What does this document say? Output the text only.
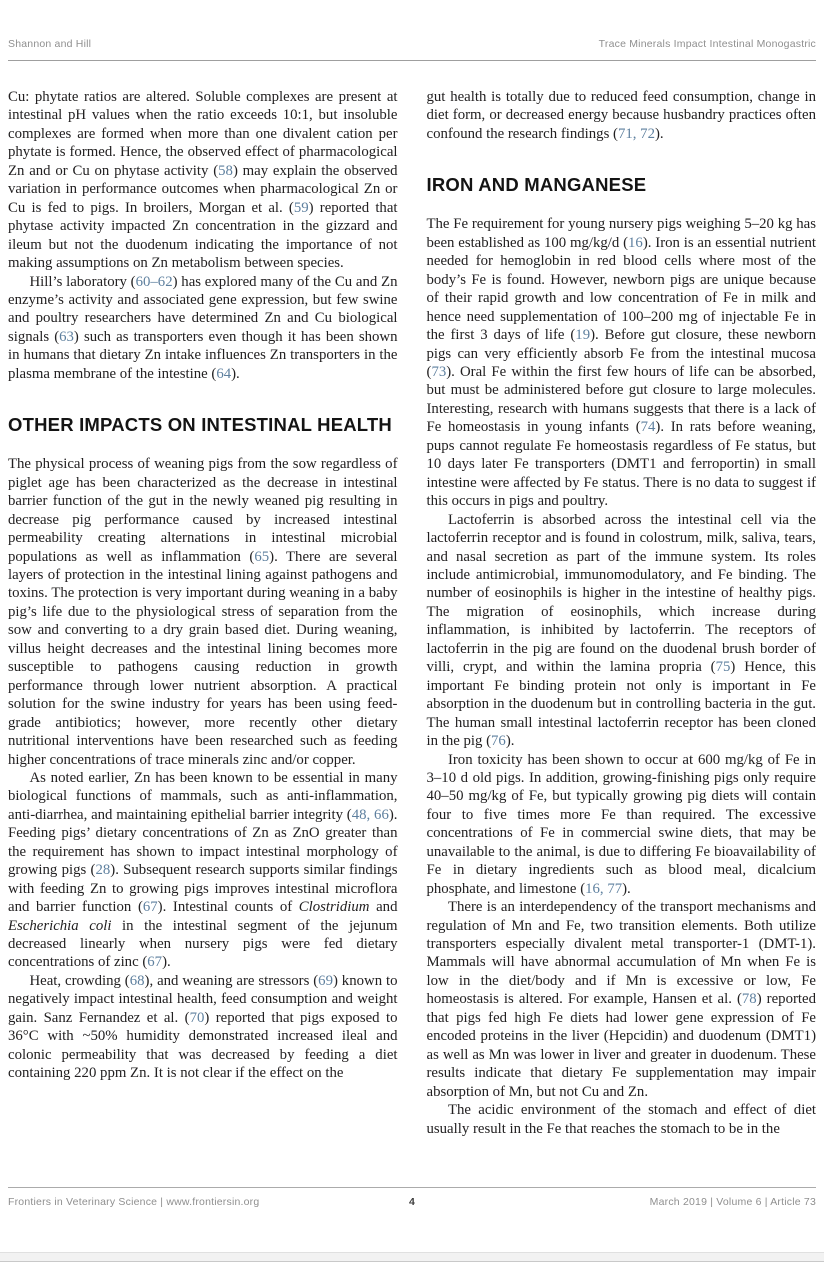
Shannon and Hill	Trace Minerals Impact Intestinal Monogastric

Cu: phytate ratios are altered. Soluble complexes are present at intestinal pH values when the ratio exceeds 10:1, but insoluble complexes are formed when more than one divalent cation per phytate is formed. Hence, the observed effect of pharmacological Zn and or Cu on phytase activity (58) may explain the observed variation in performance outcomes when pharmacological Zn or Cu is fed to pigs. In broilers, Morgan et al. (59) reported that phytase activity impacted Zn concentration in the gizzard and ileum but not the duodenum indicating the importance of not making assumptions on Zn metabolism between species.

Hill’s laboratory (60–62) has explored many of the Cu and Zn enzyme’s activity and associated gene expression, but few swine and poultry researchers have determined Zn and Cu biological signals (63) such as transporters even though it has been shown in humans that dietary Zn intake influences Zn transporters in the plasma membrane of the intestine (64).

OTHER IMPACTS ON INTESTINAL HEALTH

The physical process of weaning pigs from the sow regardless of piglet age has been characterized as the decrease in intestinal barrier function of the gut in the newly weaned pig resulting in decrease pig performance caused by increased intestinal permeability creating alternations in intestinal microbial populations as well as inflammation (65). There are several layers of protection in the intestinal lining against pathogens and toxins. The protection is very important during weaning in a baby pig’s life due to the physiological stress of separation from the sow and converting to a dry grain based diet. During weaning, villus height decreases and the intestinal lining becomes more susceptible to pathogens causing reduction in growth performance through lower nutrient absorption. A practical solution for the swine industry for years has been using feed-grade antibiotics; however, more recently other dietary nutritional interventions have been researched such as feeding higher concentrations of trace minerals zinc and/or copper.

As noted earlier, Zn has been known to be essential in many biological functions of mammals, such as anti-inflammation, anti-diarrhea, and maintaining epithelial barrier integrity (48, 66). Feeding pigs’ dietary concentrations of Zn as ZnO greater than the requirement has shown to impact intestinal morphology of growing pigs (28). Subsequent research supports similar findings with feeding Zn to growing pigs improves intestinal microflora and barrier function (67). Intestinal counts of Clostridium and Escherichia coli in the intestinal segment of the jejunum decreased linearly when nursery pigs were fed dietary concentrations of zinc (67).

Heat, crowding (68), and weaning are stressors (69) known to negatively impact intestinal health, feed consumption and weight gain. Sanz Fernandez et al. (70) reported that pigs exposed to 36°C with ~50% humidity demonstrated increased ileal and colonic permeability that was decreased by feeding a diet containing 220 ppm Zn. It is not clear if the effect on the

gut health is totally due to reduced feed consumption, change in diet form, or decreased energy because husbandry practices often confound the research findings (71, 72).

IRON AND MANGANESE

The Fe requirement for young nursery pigs weighing 5–20 kg has been established as 100 mg/kg/d (16). Iron is an essential nutrient needed for hemoglobin in red blood cells where most of the body’s Fe is found. However, newborn pigs are unique because of their rapid growth and low concentration of Fe in milk and hence need supplementation of 100–200 mg of injectable Fe in the first 3 days of life (19). Before gut closure, these newborn pigs can very efficiently absorb Fe from the intestinal mucosa (73). Oral Fe within the first few hours of life can be absorbed, but must be administered before gut closure to large molecules. Interesting, research with humans suggests that there is a lack of Fe homeostasis in young infants (74). In rats before weaning, pups cannot regulate Fe homeostasis regardless of Fe status, but 10 days later Fe transporters (DMT1 and ferroportin) in small intestine were affected by Fe status. There is no data to suggest if this occurs in pigs and poultry.

Lactoferrin is absorbed across the intestinal cell via the lactoferrin receptor and is found in colostrum, milk, saliva, tears, and nasal secretion as part of the immune system. Its roles include antimicrobial, immunomodulatory, and Fe binding. The number of eosinophils is higher in the intestine of healthy pigs. The migration of eosinophils, which increase during inflammation, is inhibited by lactoferrin. The receptors of lactoferrin in the pig are found on the duodenal brush border of villi, crypt, and within the lamina propria (75) Hence, this important Fe binding protein not only is important in Fe absorption in the duodenum but in controlling bacteria in the gut. The human small intestinal lactoferrin receptor has been cloned in the pig (76).

Iron toxicity has been shown to occur at 600 mg/kg of Fe in 3–10 d old pigs. In addition, growing-finishing pigs only require 40–50 mg/kg of Fe, but typically growing pig diets will contain four to five times more Fe than required. The excessive concentrations of Fe in commercial swine diets, that may be unavailable to the animal, is due to differing Fe bioavailability of Fe in dietary ingredients such as blood meal, dicalcium phosphate, and limestone (16, 77).

There is an interdependency of the transport mechanisms and regulation of Mn and Fe, two transition elements. Both utilize transporters especially divalent metal transporter-1 (DMT-1). Mammals will have abnormal accumulation of Mn when Fe is low in the diet/body and if Mn is excessive or low, Fe homeostasis is altered. For example, Hansen et al. (78) reported that pigs fed high Fe diets had lower gene expression of Fe encoded proteins in the liver (Hepcidin) and duodenum (DMT1) as well as Mn was lower in liver and greater in duodenum. These results indicate that dietary Fe supplementation may impair absorption of Mn, but not Cu and Zn.

The acidic environment of the stomach and effect of diet usually result in the Fe that reaches the stomach to be in the

Frontiers in Veterinary Science | www.frontiersin.org	4	March 2019 | Volume 6 | Article 73
